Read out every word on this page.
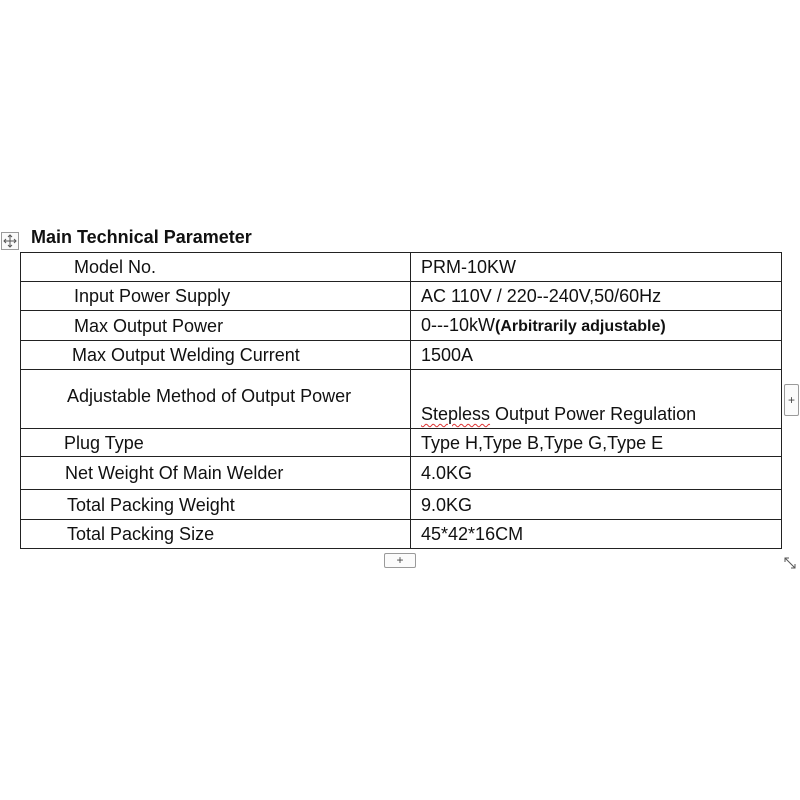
Main Technical Parameter
Model No.	PRM-10KW
Input Power Supply	AC 110V / 220--240V,50/60Hz
Max Output Power	0---10kW(Arbitrarily adjustable)
Max Output Welding Current	1500A
Adjustable Method of Output Power	Stepless Output Power Regulation
Plug Type	Type H,Type B,Type G,Type E
Net Weight Of Main Welder	4.0KG
Total Packing Weight	9.0KG
Total Packing Size	45*42*16CM
+
+
